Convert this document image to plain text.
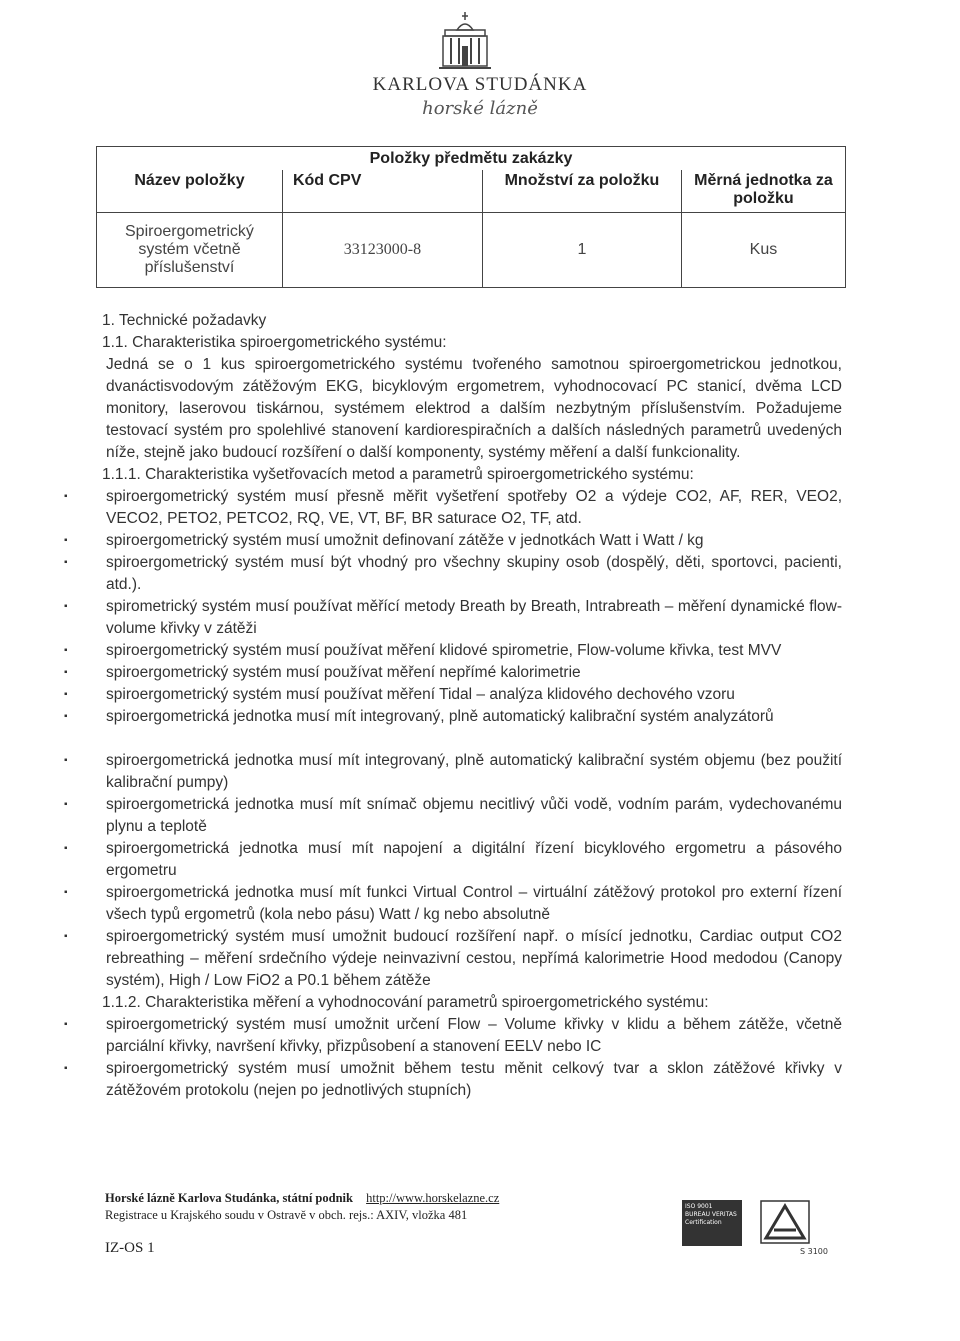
KARLOVA STUDÁNKA
horské lázně
Položky předmětu zakázky			
Název položky	Kód CPV	Množství za položku	Měrná jednotka za položku
Spiroergometrický systém včetně příslušenství	33123000-8	1	Kus

1. Technické požadavky

1.1. Charakteristika spiroergometrického systému:

Jedná se o 1 kus spiroergometrického systému tvořeného samotnou spiroergometrickou jednotkou, dvanáctisvodovým zátěžovým EKG, bicyklovým ergometrem, vyhodnocovací PC stanicí, dvěma LCD monitory, laserovou tiskárnou, systémem elektrod a dalším nezbytným příslušenstvím. Požadujeme testovací systém pro spolehlivé stanovení kardiorespiračních a dalších následných parametrů uvedených níže, stejně jako budoucí rozšíření o další komponenty, systémy měření a další funkcionality.

1.1.1. Charakteristika vyšetřovacích metod a parametrů spiroergometrického systému:

▪ spiroergometrický systém musí přesně měřit vyšetření spotřeby O2 a výdeje CO2, AF, RER, VEO2, VECO2, PETO2, PETCO2, RQ, VE, VT, BF, BR saturace O2, TF, atd.
▪ spiroergometrický systém musí umožnit definovaní zátěže v jednotkách Watt i Watt / kg
▪ spiroergometrický systém musí být vhodný pro všechny skupiny osob (dospělý, děti, sportovci, pacienti, atd.).
▪ spirometrický systém musí používat měřící metody Breath by Breath, Intrabreath – měření dynamické flow-volume křivky v zátěži
▪ spiroergometrický systém musí používat měření klidové spirometrie, Flow-volume křivka, test MVV
▪ spiroergometrický systém musí používat měření nepřímé kalorimetrie
▪ spiroergometrický systém musí používat měření Tidal – analýza klidového dechového vzoru
▪ spiroergometrická jednotka musí mít integrovaný, plně automatický kalibrační systém analyzátorů
▪ spiroergometrická jednotka musí mít integrovaný, plně automatický kalibrační systém objemu (bez použití kalibrační pumpy)
▪ spiroergometrická jednotka musí mít snímač objemu necitlivý vůči vodě, vodním parám, vydechovanému plynu a teplotě
▪ spiroergometrická jednotka musí mít napojení a digitální řízení bicyklového ergometru a pásového ergometru
▪ spiroergometrická jednotka musí mít funkci Virtual Control – virtuální zátěžový protokol pro externí řízení všech typů ergometrů (kola nebo pásu) Watt / kg nebo absolutně
▪ spiroergometrický systém musí umožnit budoucí rozšíření např. o mísící jednotku, Cardiac output CO2 rebreathing – měření srdečního výdeje neinvazivní cestou, nepřímá kalorimetrie Hood medodou (Canopy systém), High / Low FiO2 a P0.1 během zátěže

1.1.2. Charakteristika měření a vyhodnocování parametrů spiroergometrického systému:

▪ spiroergometrický systém musí umožnit určení Flow – Volume křivky v klidu a během zátěže, včetně parciální křivky, navršení křivky, přizpůsobení a stanovení EELV nebo IC
▪ spiroergometrický systém musí umožnit během testu měnit celkový tvar a sklon zátěžové křivky v zátěžovém protokolu (nejen po jednotlivých stupních)
Horské lázně Karlova Studánka, státní podnik http://www.horskelazne.cz
Registrace u Krajského soudu v Ostravě v obch. rejs.: AXIV, vložka 481
IZ-OS 1
ISO 9001 BUREAU VERITAS Certification
S 3100
